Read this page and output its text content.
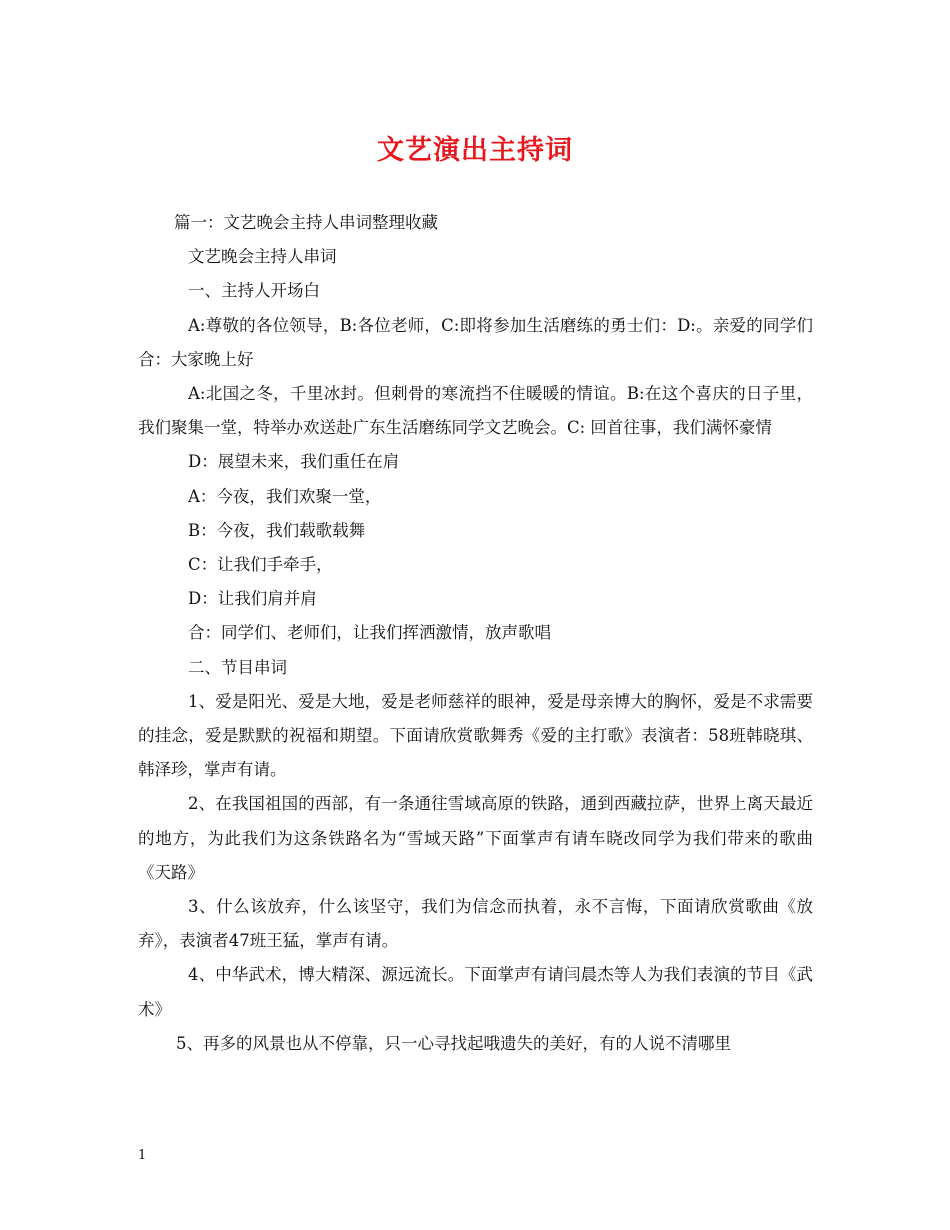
文艺演出主持词

篇一：文艺晚会主持人串词整理收藏

文艺晚会主持人串词

一、主持人开场白

A:尊敬的各位领导，B:各位老师，C:即将参加生活磨练的勇士们：D:。亲爱的同学们 合：大家晚上好

A:北国之冬，千里冰封。但刺骨的寒流挡不住暖暖的情谊。B:在这个喜庆的日子里，我们聚集一堂，特举办欢送赴广东生活磨练同学文艺晚会。C: 回首往事，我们满怀豪情

D：展望未来，我们重任在肩

A：今夜，我们欢聚一堂，

B：今夜，我们载歌载舞

C：让我们手牵手，

D：让我们肩并肩

合：同学们、老师们，让我们挥洒激情，放声歌唱

二、节目串词

1、爱是阳光、爱是大地，爱是老师慈祥的眼神，爱是母亲博大的胸怀，爱是不求需要的挂念，爱是默默的祝福和期望。下面请欣赏歌舞秀《爱的主打歌》表演者：58班韩晓琪、韩泽珍，掌声有请。

2、在我国祖国的西部，有一条通往雪域高原的铁路，通到西藏拉萨，世界上离天最近的地方，为此我们为这条铁路名为“雪域天路”下面掌声有请车晓改同学为我们带来的歌曲《天路》

3、什么该放弃，什么该坚守，我们为信念而执着，永不言悔，下面请欣赏歌曲《放弃》，表演者47班王猛，掌声有请。

4、中华武术，博大精深、源远流长。下面掌声有请闫晨杰等人为我们表演的节目《武术》

5、再多的风景也从不停靠，只一心寻找起哦遗失的美好，有的人说不清哪里

1
